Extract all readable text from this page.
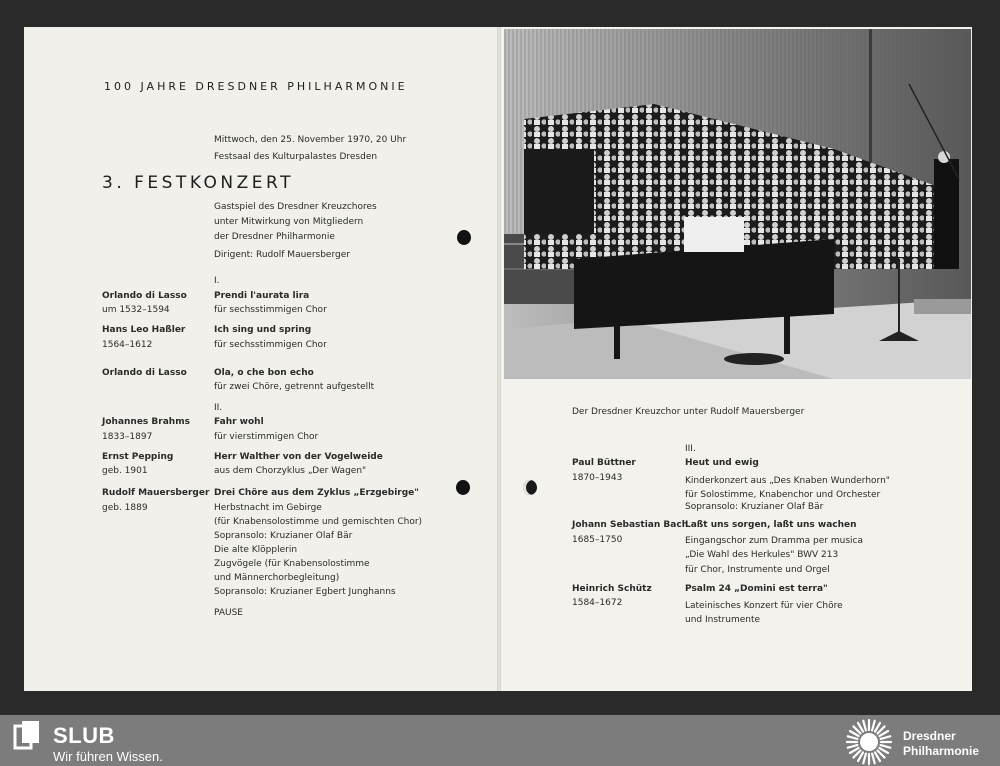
100 JAHRE DRESDNER PHILHARMONIE
Mittwoch, den 25. November 1970, 20 Uhr
Festsaal des Kulturpalastes Dresden
3. FESTKONZERT
Gastspiel des Dresdner Kreuzchores
unter Mitwirkung von Mitgliedern
der Dresdner Philharmonie
Dirigent: Rudolf Mauersberger
I.
Orlando di Lasso
um 1532–1594
Prendi l'aurata lira
für sechsstimmigen Chor
Hans Leo Haßler
1564–1612
Ich sing und spring
für sechsstimmigen Chor
Orlando di Lasso	Ola, o che bon echo
für zwei Chöre, getrennt aufgestellt
II.
Johannes Brahms
1833–1897
Fahr wohl
für vierstimmigen Chor
Ernst Pepping
geb. 1901
Herr Walther von der Vogelweide
aus dem Chorzyklus „Der Wagen"
Rudolf Mauersberger
geb. 1889
Drei Chöre aus dem Zyklus „Erzgebirge"
Herbstnacht im Gebirge
(für Knabensolostimme und gemischten Chor)
Sopransolo: Kruzianer Olaf Bär
Die alte Klöpplerin
Zugvögele (für Knabensolostimme
und Männerchorbegleitung)
Sopransolo: Kruzianer Egbert Junghanns
PAUSE
Der Dresdner Kreuzchor unter Rudolf Mauersberger
III.
Paul Büttner
1870–1943
Heut und ewig
Kinderkonzert aus „Des Knaben Wunderhorn"
für Solostimme, Knabenchor und Orchester
Sopransolo: Kruzianer Olaf Bär
Johann Sebastian Bach
1685–1750
Laßt uns sorgen, laßt uns wachen
Eingangschor zum Dramma per musica
„Die Wahl des Herkules" BWV 213
für Chor, Instrumente und Orgel
Heinrich Schütz
1584–1672
Psalm 24 „Domini est terra"
Lateinisches Konzert für vier Chöre
und Instrumente
SLUB
Wir führen Wissen.
Dresdner
Philharmonie
